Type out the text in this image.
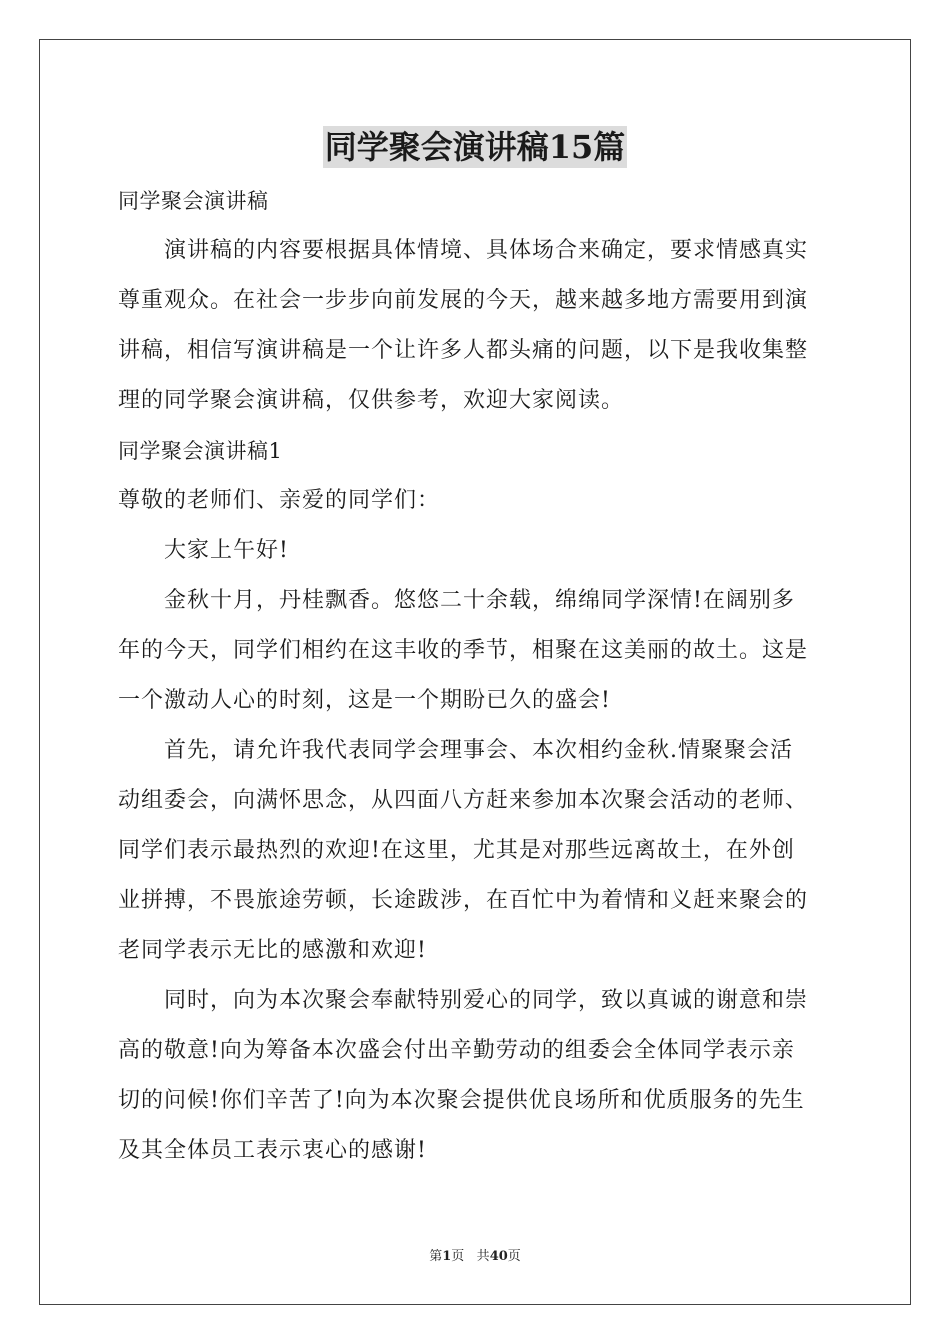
同学聚会演讲稿15篇
同学聚会演讲稿
演讲稿的内容要根据具体情境、具体场合来确定，要求情感真实
尊重观众。在社会一步步向前发展的今天，越来越多地方需要用到演
讲稿，相信写演讲稿是一个让许多人都头痛的问题，以下是我收集整
理的同学聚会演讲稿，仅供参考，欢迎大家阅读。
同学聚会演讲稿1
尊敬的老师们、亲爱的同学们：
大家上午好!
金秋十月，丹桂飘香。悠悠二十余载，绵绵同学深情!在阔别多
年的今天，同学们相约在这丰收的季节，相聚在这美丽的故土。这是
一个激动人心的时刻，这是一个期盼已久的盛会!
首先，请允许我代表同学会理事会、本次相约金秋.情聚聚会活
动组委会，向满怀思念，从四面八方赶来参加本次聚会活动的老师、
同学们表示最热烈的欢迎!在这里，尤其是对那些远离故土，在外创
业拼搏，不畏旅途劳顿，长途跋涉，在百忙中为着情和义赶来聚会的
老同学表示无比的感激和欢迎!
同时，向为本次聚会奉献特别爱心的同学，致以真诚的谢意和崇
高的敬意!向为筹备本次盛会付出辛勤劳动的组委会全体同学表示亲
切的问候!你们辛苦了!向为本次聚会提供优良场所和优质服务的先生
及其全体员工表示衷心的感谢!
第1页 共40页
